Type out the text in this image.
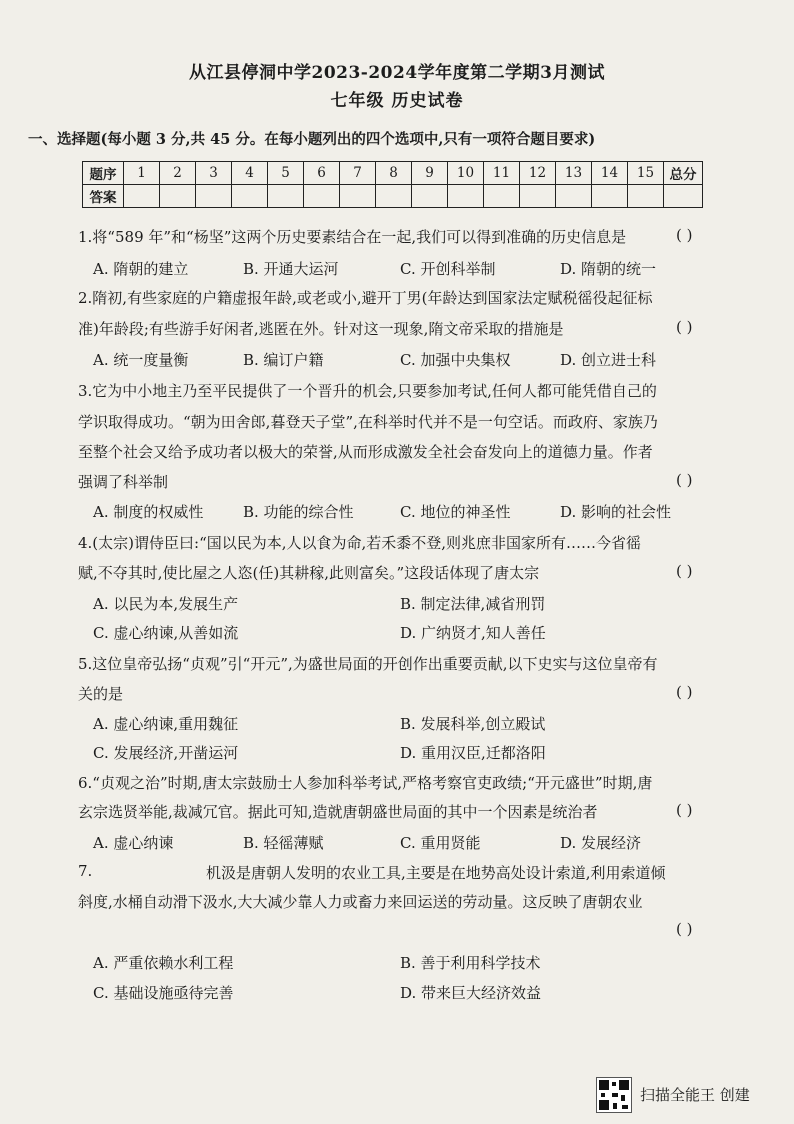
从江县停洞中学2023-2024学年度第二学期3月测试
七年级 历史试卷
一、选择题(每小题 3 分,共 45 分。在每小题列出的四个选项中,只有一项符合题目要求)
题序	1	2	3	4	5	6	7	8	9	10	11	12	13	14	15	总分
答案																
1.将“589 年”和“杨坚”这两个历史要素结合在一起,我们可以得到准确的历史信息是	( )
A. 隋朝的建立	B. 开通大运河	C. 开创科举制	D. 隋朝的统一
2.隋初,有些家庭的户籍虚报年龄,或老或小,避开丁男(年龄达到国家法定赋税徭役起征标
准)年龄段;有些游手好闲者,逃匿在外。针对这一现象,隋文帝采取的措施是	( )
A. 统一度量衡	B. 编订户籍	C. 加强中央集权	D. 创立进士科
3.它为中小地主乃至平民提供了一个晋升的机会,只要参加考试,任何人都可能凭借自己的
学识取得成功。“朝为田舍郎,暮登天子堂”,在科举时代并不是一句空话。而政府、家族乃
至整个社会又给予成功者以极大的荣誉,从而形成激发全社会奋发向上的道德力量。作者
强调了科举制	( )
A. 制度的权威性	B. 功能的综合性	C. 地位的神圣性	D. 影响的社会性
4.(太宗)谓侍臣曰:“国以民为本,人以食为命,若禾黍不登,则兆庶非国家所有……今省徭
赋,不夺其时,使比屋之人恣(任)其耕稼,此则富矣。”这段话体现了唐太宗	( )
A. 以民为本,发展生产	B. 制定法律,减省刑罚
C. 虚心纳谏,从善如流	D. 广纳贤才,知人善任
5.这位皇帝弘扬“贞观”引“开元”,为盛世局面的开创作出重要贡献,以下史实与这位皇帝有
关的是	( )
A. 虚心纳谏,重用魏征	B. 发展科举,创立殿试
C. 发展经济,开凿运河	D. 重用汉臣,迁都洛阳
6.“贞观之治”时期,唐太宗鼓励士人参加科举考试,严格考察官吏政绩;“开元盛世”时期,唐
玄宗选贤举能,裁减冗官。据此可知,造就唐朝盛世局面的其中一个因素是统治者	( )
A. 虚心纳谏	B. 轻徭薄赋	C. 重用贤能	D. 发展经济
7.	机汲是唐朝人发明的农业工具,主要是在地势高处设计索道,利用索道倾
斜度,水桶自动滑下汲水,大大减少靠人力或畜力来回运送的劳动量。这反映了唐朝农业
( )
A. 严重依赖水利工程	B. 善于利用科学技术
C. 基础设施亟待完善	D. 带来巨大经济效益
扫描全能王 创建
